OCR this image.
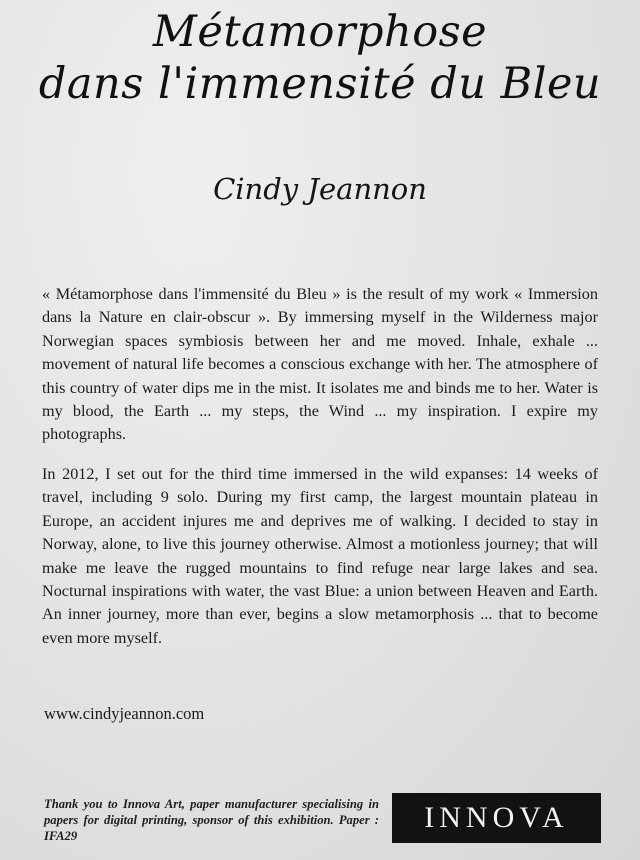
Métamorphose
dans l'immensité du Bleu
Cindy Jeannon

« Métamorphose dans l'immensité du Bleu » is the result of my work « Immersion dans la Nature en clair-obscur ». By immersing myself in the Wilderness major Norwegian spaces symbiosis between her and me moved. Inhale, exhale ... movement of natural life becomes a conscious exchange with her. The atmosphere of this country of water dips me in the mist. It isolates me and binds me to her. Water is my blood, the Earth ... my steps, the Wind ... my inspiration. I expire my photographs.

In 2012, I set out for the third time immersed in the wild expanses: 14 weeks of travel, including 9 solo. During my first camp, the largest mountain plateau in Europe, an accident injures me and deprives me of walking. I decided to stay in Norway, alone, to live this journey otherwise. Almost a motionless journey; that will make me leave the rugged mountains to find refuge near large lakes and sea. Nocturnal inspirations with water, the vast Blue: a union between Heaven and Earth. An inner journey, more than ever, begins a slow metamorphosis ... that to become even more myself.

www.cindyjeannon.com
Thank you to Innova Art, paper manufacturer specialising in papers for digital printing, sponsor of this exhibition. Paper : IFA29
INNOVA
